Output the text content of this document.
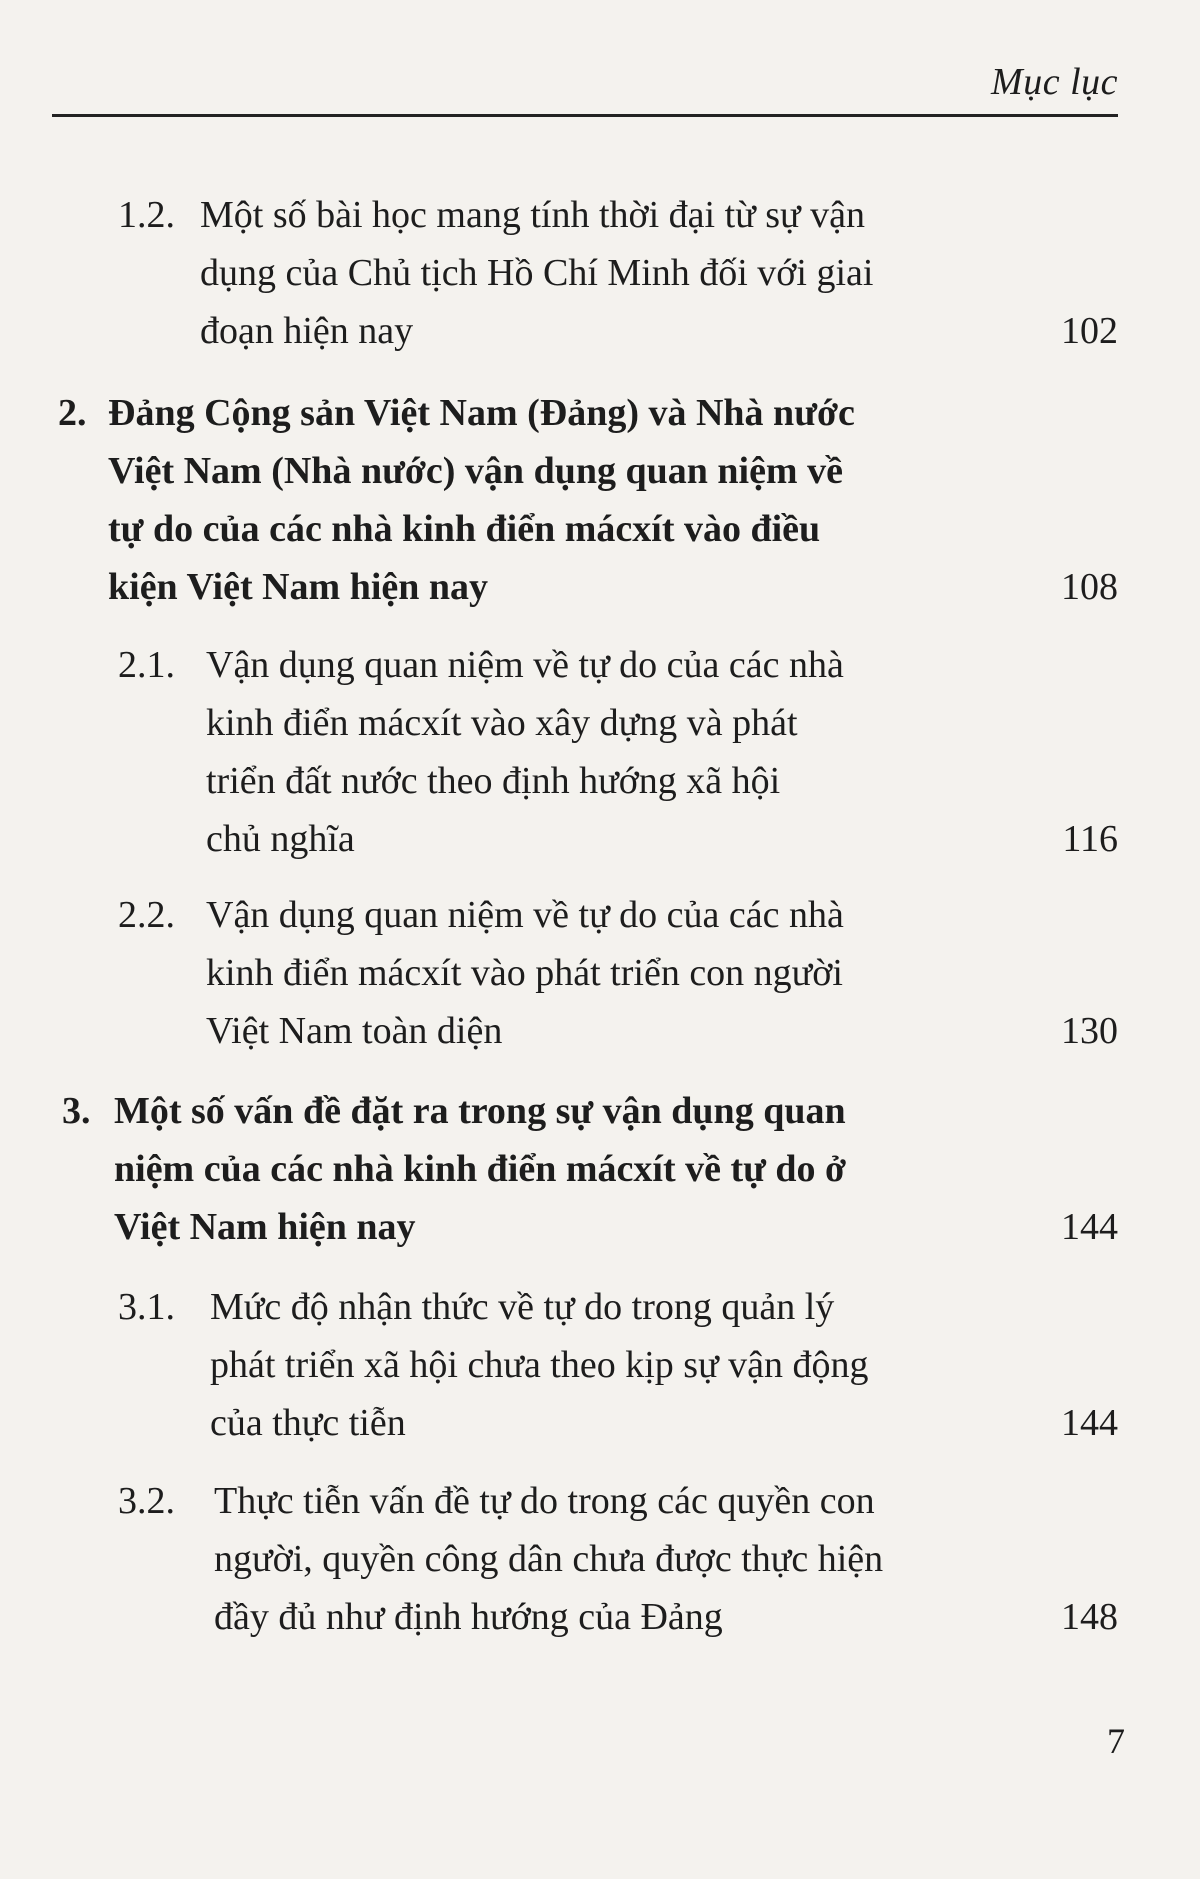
Mục lục
1.2. Một số bài học mang tính thời đại từ sự vận
dụng của Chủ tịch Hồ Chí Minh đối với giai
đoạn hiện nay	102
2. Đảng Cộng sản Việt Nam (Đảng) và Nhà nước
Việt Nam (Nhà nước) vận dụng quan niệm về
tự do của các nhà kinh điển mácxít vào điều
kiện Việt Nam hiện nay	108
2.1. Vận dụng quan niệm về tự do của các nhà
kinh điển mácxít vào xây dựng và phát
triển đất nước theo định hướng xã hội
chủ nghĩa	116
2.2. Vận dụng quan niệm về tự do của các nhà
kinh điển mácxít vào phát triển con người
Việt Nam toàn diện	130
3. Một số vấn đề đặt ra trong sự vận dụng quan
niệm của các nhà kinh điển mácxít về tự do ở
Việt Nam hiện nay	144
3.1. Mức độ nhận thức về tự do trong quản lý
phát triển xã hội chưa theo kịp sự vận động
của thực tiễn	144
3.2. Thực tiễn vấn đề tự do trong các quyền con
người, quyền công dân chưa được thực hiện
đầy đủ như định hướng của Đảng	148
7
